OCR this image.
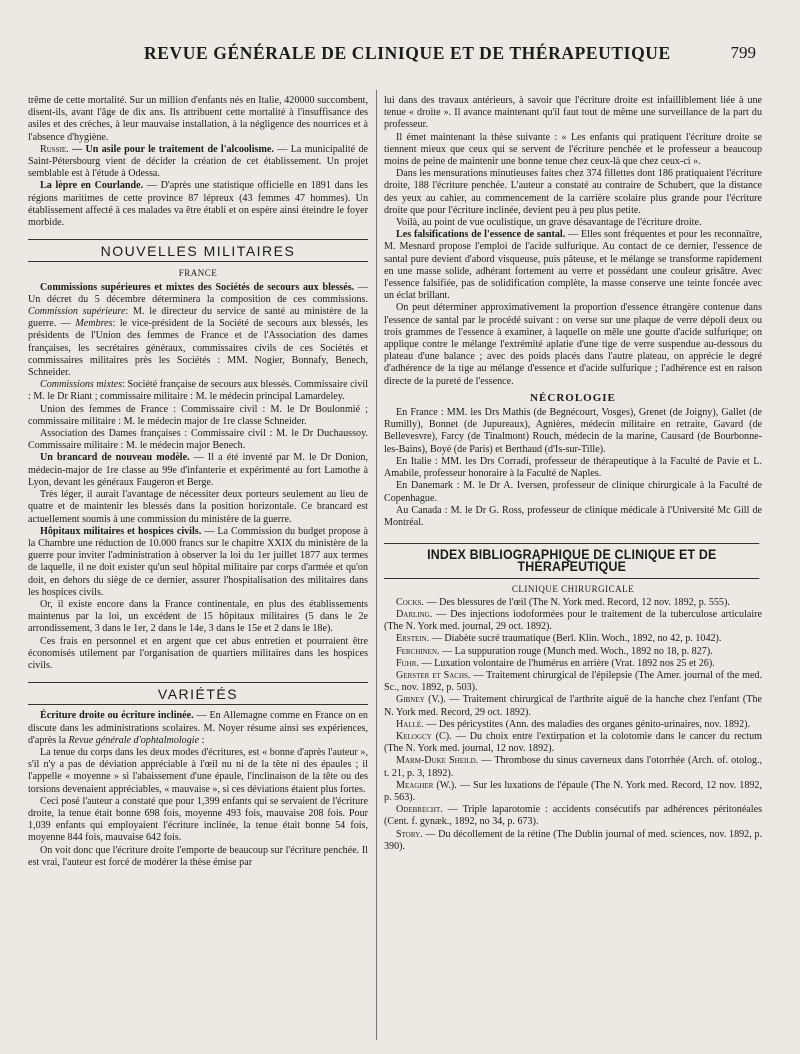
REVUE GÉNÉRALE DE CLINIQUE ET DE THÉRAPEUTIQUE	799

trême de cette mortalité. Sur un million d'enfants nés en Italie, 420000 succombent, disent-ils, avant l'âge de dix ans. Ils attribuent cette mortalité à l'insuffisance des asiles et des crèches, à leur mauvaise installation, à la négligence des nourrices et à l'absence d'hygiène.

Russie. — Un asile pour le traitement de l'alcoolisme. — La municipalité de Saint-Pétersbourg vient de décider la création de cet établissement. Un projet semblable est à l'étude à Odessa.

La lèpre en Courlande. — D'après une statistique officielle en 1891 dans les régions maritimes de cette province 87 lépreux (43 femmes 47 hommes). Un établissement affecté à ces malades va être établi et on espère ainsi éteindre le foyer morbide.

NOUVELLES MILITAIRES
FRANCE

Commissions supérieures et mixtes des Sociétés de secours aux blessés. — Un décret du 5 décembre déterminera la composition de ces commissions. Commission supérieure: M. le directeur du service de santé au ministère de la guerre. — Membres: le vice-président de la Société de secours aux blessés, les présidents de l'Union des femmes de France et de l'Association des dames françaises, les secrétaires généraux, commissaires civils de ces Sociétés et commissaires militaires près les Sociétés : MM. Nogier, Bonnafy, Benech, Schneider.

Commissions mixtes: Société française de secours aux blessés. Commissaire civil : M. le Dr Riant ; commissaire militaire : M. le médecin principal Lamardeley.

Union des femmes de France : Commissaire civil : M. le Dr Boulonmié ; commissaire militaire : M. le médecin major de 1re classe Schneider.

Association des Dames françaises : Commissaire civil : M. le Dr Duchaussoy. Commissaire militaire : M. le médecin major Benech.

Un brancard de nouveau modèle. — Il a été inventé par M. le Dr Donion, médecin-major de 1re classe au 99e d'infanterie et expérimenté au fort Lamothe à Lyon, devant les généraux Faugeron et Berge.

Très léger, il aurait l'avantage de nécessiter deux porteurs seulement au lieu de quatre et de maintenir les blessés dans la position horizontale. Ce brancard est actuellement soumis à une commission du ministère de la guerre.

Hôpitaux militaires et hospices civils. — La Commission du budget propose à la Chambre une réduction de 10.000 francs sur le chapitre XXIX du ministère de la guerre pour inviter l'administration à observer la loi du 1er juillet 1877 aux termes de laquelle, il ne doit exister qu'un seul hôpital militaire par corps d'armée et qu'on doit, en dehors du siège de ce dernier, assurer l'hospitalisation des militaires dans les hospices civils.

Or, il existe encore dans la France continentale, en plus des établissements maintenus par la loi, un excédent de 15 hôpitaux militaires (5 dans le 2e arrondissement, 3 dans le 1er, 2 dans le 14e, 3 dans le 15e et 2 dans le 18e).

Ces frais en personnel et en argent que cet abus entretien et pourraient être économisés utilement par l'organisation de quartiers militaires dans les hospices civils.

VARIÉTÉS

Écriture droite ou écriture inclinée. — En Allemagne comme en France on en discute dans les administrations scolaires. M. Noyer résume ainsi ses expériences, d'après la Revue générale d'ophtalmologie :

La tenue du corps dans les deux modes d'écritures, est « bonne d'après l'auteur », s'il n'y a pas de déviation appréciable à l'œil nu ni de la tête ni des épaules ; il l'appelle « moyenne » si l'abaissement d'une épaule, l'inclinaison de la tête ou des torsions devenaient appréciables, « mauvaise », si ces déviations étaient plus fortes.

Ceci posé l'auteur a constaté que pour 1,399 enfants qui se servaient de l'écriture droite, la tenue était bonne 698 fois, moyenne 493 fois, mauvaise 208 fois. Pour 1,039 enfants qui employaient l'écriture inclinée, la tenue était bonne 54 fois, moyenne 844 fois, mauvaise 642 fois.

On voit donc que l'écriture droite l'emporte de beaucoup sur l'écriture penchée. Il est vrai, l'auteur est forcé de modérer la thèse émise par

lui dans des travaux antérieurs, à savoir que l'écriture droite est infailliblement liée à une tenue « droite ». Il avance maintenant qu'il faut tout de même une surveillance de la part du professeur.

Il émet maintenant la thèse suivante : « Les enfants qui pratiquent l'écriture droite se tiennent mieux que ceux qui se servent de l'écriture penchée et le professeur a beaucoup moins de peine de maintenir une bonne tenue chez ceux-là que chez ceux-ci ».

Dans les mensurations minutieuses faites chez 374 fillettes dont 186 pratiquaient l'écriture droite, 188 l'écriture penchée. L'auteur a constaté au contraire de Schubert, que la distance des yeux au cahier, au commencement de la carrière scolaire plus grande pour l'écriture droite que pour l'écriture inclinée, devient peu à peu plus petite.

Voilà, au point de vue oculistique, un grave désavantage de l'écriture droite.

Les falsifications de l'essence de santal. — Elles sont fréquentes et pour les reconnaître, M. Mesnard propose l'emploi de l'acide sulfurique. Au contact de ce dernier, l'essence de santal pure devient d'abord visqueuse, puis pâteuse, et le mélange se transforme rapidement en une masse solide, adhérant fortement au verre et possédant une couleur grisâtre. Avec l'essence falsifiée, pas de solidification complète, la masse conserve une teinte foncée avec un éclat brillant.

On peut déterminer approximativement la proportion d'essence étrangère contenue dans l'essence de santal par le procédé suivant : on verse sur une plaque de verre dépoli deux ou trois grammes de l'essence à examiner, à laquelle on mêle une goutte d'acide sulfurique; on applique contre le mélange l'extrémité aplatie d'une tige de verre suspendue au-dessous du plateau d'une balance ; avec des poids placés dans l'autre plateau, on apprécie le degré d'adhérence de la tige au mélange d'essence et d'acide sulfurique ; l'adhérence est en raison directe de la pureté de l'essence.

NÉCROLOGIE

En France : MM. les Drs Mathis (de Begnécourt, Vosges), Grenet (de Joigny), Gallet (de Rumilly), Bonnet (de Jupureaux), Agnières, médecin militaire en retraite, Gavard (de Bellevesvre), Farcy (de Tinalmont) Rouch, médecin de la marine, Causard (de Bourbonne-les-Bains), Boyé (de Paris) et Berthaud (d'Is-sur-Tille).

En Italie : MM. les Drs Corradi, professeur de thérapeutique à la Faculté de Pavie et L. Amabile, professeur honoraire à la Faculté de Naples.

En Danemark : M. le Dr A. Iversen, professeur de clinique chirurgicale à la Faculté de Copenhague.

Au Canada : M. le Dr G. Ross, professeur de clinique médicale à l'Université Mc Gill de Montréal.

INDEX BIBLIOGRAPHIQUE DE CLINIQUE ET DE THÉRAPEUTIQUE
CLINIQUE CHIRURGICALE

Cocks. — Des blessures de l'œil (The N. York med. Record, 12 nov. 1892, p. 555).

Darling. — Des injections iodoformées pour le traitement de la tuberculose articulaire (The N. York med. journal, 29 oct. 1892).

Erstein. — Diabète sucré traumatique (Berl. Klin. Woch., 1892, no 42, p. 1042).

Ferchinen. — La suppuration rouge (Munch med. Woch., 1892 no 18, p. 827).

Fuhr. — Luxation volontaire de l'humérus en arrière (Vrat. 1892 nos 25 et 26).

Gerster et Sachs. — Traitement chirurgical de l'épilepsie (The Amer. journal of the med. Sc., nov. 1892, p. 503).

Gibney (V.). — Traitement chirurgical de l'arthrite aiguë de la hanche chez l'enfant (The N. York med. Record, 29 oct. 1892).

Hallé. — Des péricystites (Ann. des maladies des organes génito-urinaires, nov. 1892).

Kelogcy (C). — Du choix entre l'extirpation et la colotomie dans le cancer du rectum (The N. York med. journal, 12 nov. 1892).

Marm-Duke Sheild. — Thrombose du sinus caverneux dans l'otorrhée (Arch. of. otolog., t. 21, p. 3, 1892).

Meagher (W.). — Sur les luxations de l'épaule (The N. York med. Record, 12 nov. 1892, p. 563).

Odebrecht. — Triple laparotomie : accidents consécutifs par adhérences péritonéales (Cent. f. gynæk., 1892, no 34, p. 673).

Story. — Du décollement de la rétine (The Dublin journal of med. sciences, nov. 1892, p. 390).
